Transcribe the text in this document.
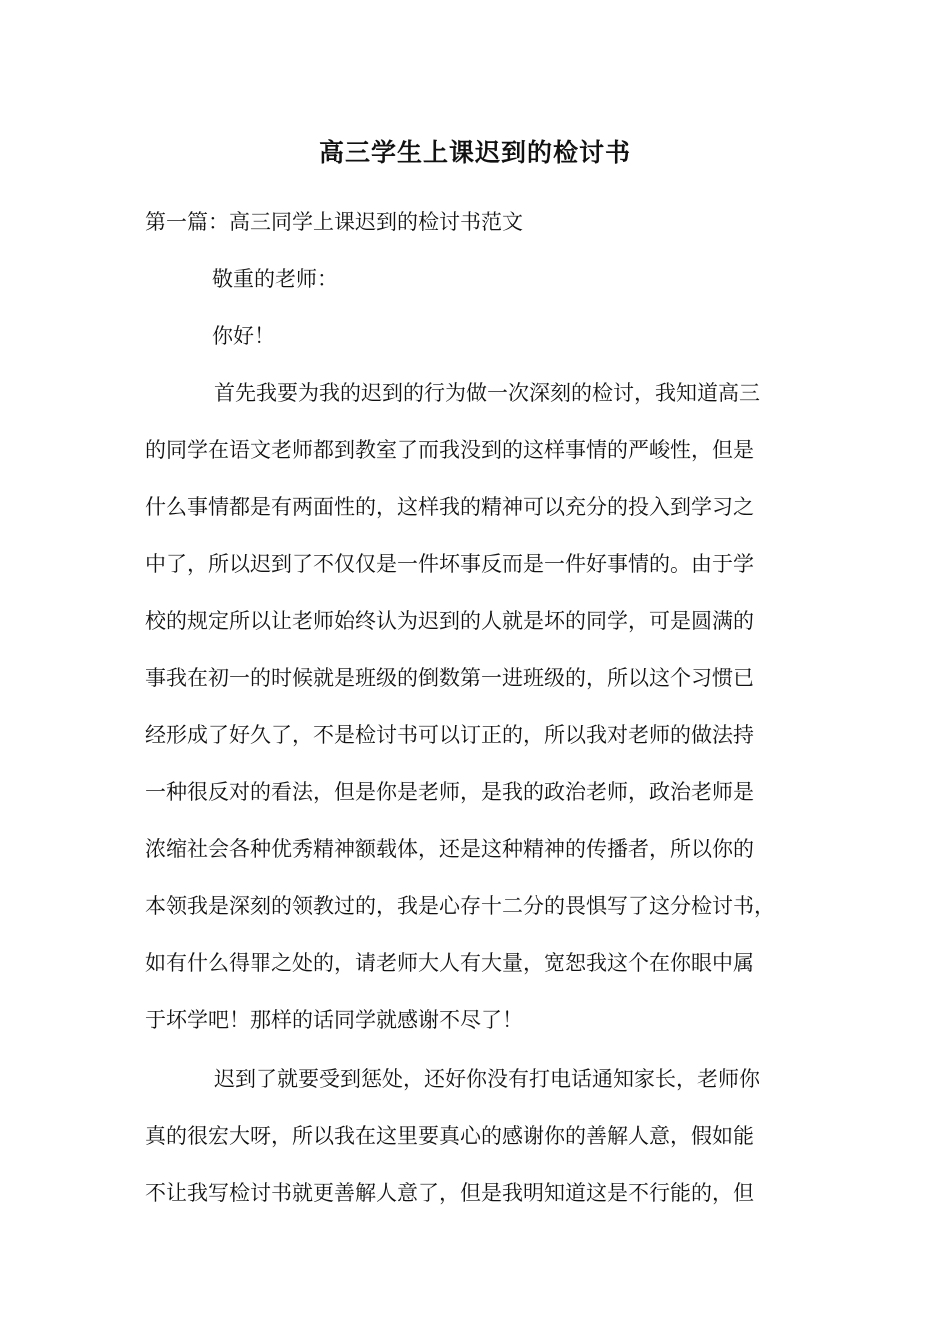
高三学生上课迟到的检讨书
第一篇：高三同学上课迟到的检讨书范文
敬重的老师：
你好！
首先我要为我的迟到的行为做一次深刻的检讨，我知道高三
的同学在语文老师都到教室了而我没到的这样事情的严峻性，但是
什么事情都是有两面性的，这样我的精神可以充分的投入到学习之
中了，所以迟到了不仅仅是一件坏事反而是一件好事情的。由于学
校的规定所以让老师始终认为迟到的人就是坏的同学，可是圆满的
事我在初一的时候就是班级的倒数第一进班级的，所以这个习惯已
经形成了好久了，不是检讨书可以订正的，所以我对老师的做法持
一种很反对的看法，但是你是老师，是我的政治老师，政治老师是
浓缩社会各种优秀精神额载体，还是这种精神的传播者，所以你的
本领我是深刻的领教过的，我是心存十二分的畏惧写了这分检讨书，
如有什么得罪之处的，请老师大人有大量，宽恕我这个在你眼中属
于坏学吧！那样的话同学就感谢不尽了！
迟到了就要受到惩处，还好你没有打电话通知家长，老师你
真的很宏大呀，所以我在这里要真心的感谢你的善解人意，假如能
不让我写检讨书就更善解人意了，但是我明知道这是不行能的，但
